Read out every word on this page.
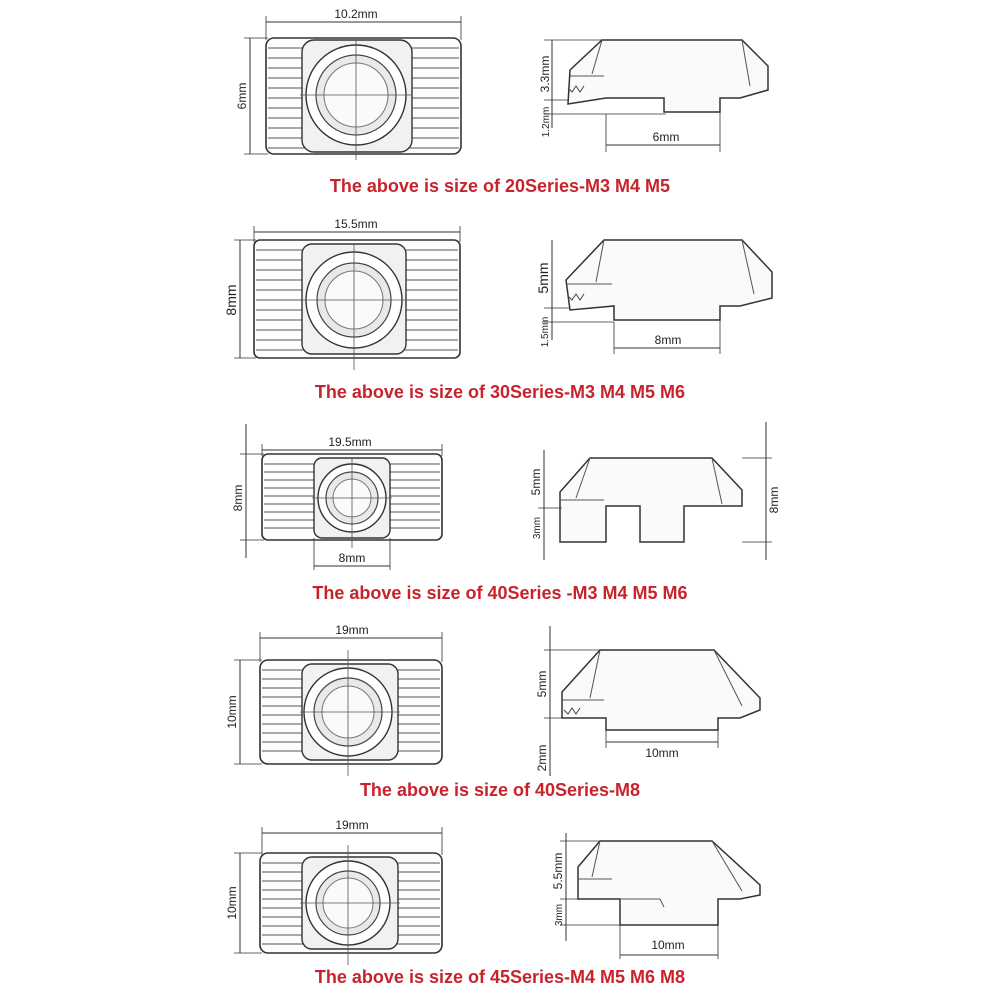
10.2mm
6mm
3.3mm
1.2mm	6mm
The above is size of 20Series-M3 M4 M5
15.5mm
8mm
5mm
1.5mm	8mm
The above is size of 30Series-M3 M4 M5 M6
19.5mm
8mm
8mm
5mm
3mm
8mm
The above is size of 40Series -M3 M4 M5 M6
19mm
10mm
5mm
2mm	10mm
The above is size of 40Series-M8
19mm
10mm
5.5mm
3mm
10mm
The above is size of 45Series-M4 M5 M6 M8
